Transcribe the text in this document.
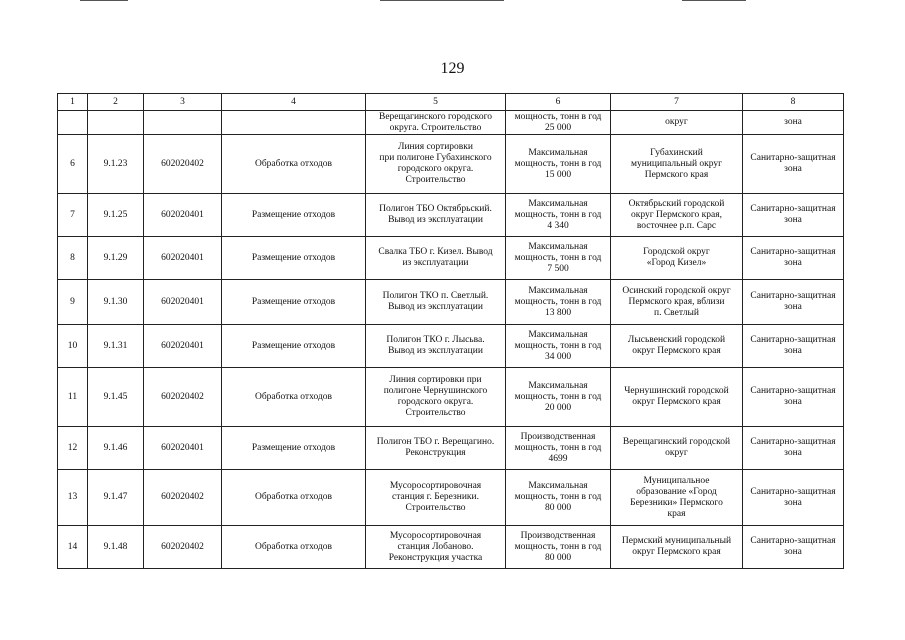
129
1	2	3	4	5	6	7	8
				Верещагинского городского
округа. Строительство	мощность, тонн в год
25 000	округ	зона
6	9.1.23	602020402	Обработка отходов	Линия сортировки
при полигоне Губахинского
городского округа.
Строительство	Максимальная
мощность, тонн в год
15 000	Губахинский
муниципальный округ
Пермского края	Санитарно-защитная
зона
7	9.1.25	602020401	Размещение отходов	Полигон ТБО Октябрьский.
Вывод из эксплуатации	Максимальная
мощность, тонн в год
4 340	Октябрьский городской
округ Пермского края,
восточнее р.п. Сарс	Санитарно-защитная
зона
8	9.1.29	602020401	Размещение отходов	Свалка ТБО г. Кизел. Вывод
из эксплуатации	Максимальная
мощность, тонн в год
7 500	Городской округ
«Город Кизел»	Санитарно-защитная
зона
9	9.1.30	602020401	Размещение отходов	Полигон ТКО п. Светлый.
Вывод из эксплуатации	Максимальная
мощность, тонн в год
13 800	Осинский городской округ
Пермского края, вблизи
п. Светлый	Санитарно-защитная
зона
10	9.1.31	602020401	Размещение отходов	Полигон ТКО г. Лысьва.
Вывод из эксплуатации	Максимальная
мощность, тонн в год
34 000	Лысьвенский городской
округ Пермского края	Санитарно-защитная
зона
11	9.1.45	602020402	Обработка отходов	Линия сортировки при
полигоне Чернушинского
городского округа.
Строительство	Максимальная
мощность, тонн в год
20 000	Чернушинский городской
округ Пермского края	Санитарно-защитная
зона
12	9.1.46	602020401	Размещение отходов	Полигон ТБО г. Верещагино.
Реконструкция	Производственная
мощность, тонн в год
4699	Верещагинский городской
округ	Санитарно-защитная
зона
13	9.1.47	602020402	Обработка отходов	Мусоросортировочная
станция г. Березники.
Строительство	Максимальная
мощность, тонн в год
80 000	Муниципальное
образование «Город
Березники» Пермского
края	Санитарно-защитная
зона
14	9.1.48	602020402	Обработка отходов	Мусоросортировочная
станция Лобаново.
Реконструкция участка	Производственная
мощность, тонн в год
80 000	Пермский муниципальный
округ Пермского края	Санитарно-защитная
зона
